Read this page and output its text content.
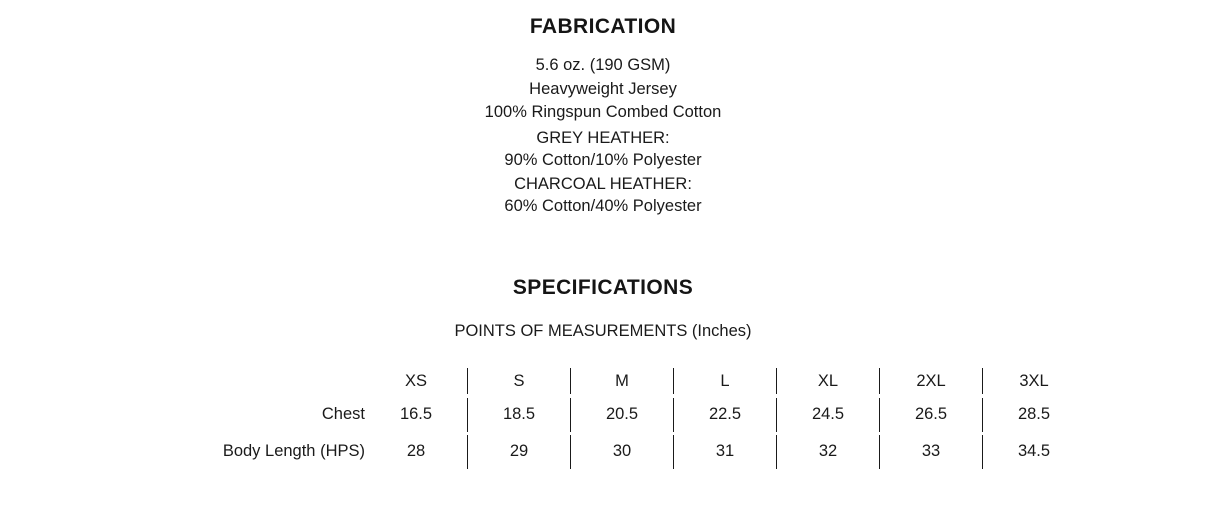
FABRICATION
5.6 oz. (190 GSM)
Heavyweight Jersey
100% Ringspun Combed Cotton
GREY HEATHER:
90% Cotton/10% Polyester
CHARCOAL HEATHER:
60% Cotton/40% Polyester
SPECIFICATIONS
POINTS OF MEASUREMENTS (Inches)
	XS		S		M		L		XL		2XL		3XL
Chest	16.5		18.5		20.5		22.5		24.5		26.5		28.5
Body Length (HPS)	28		29		30		31		32		33		34.5
